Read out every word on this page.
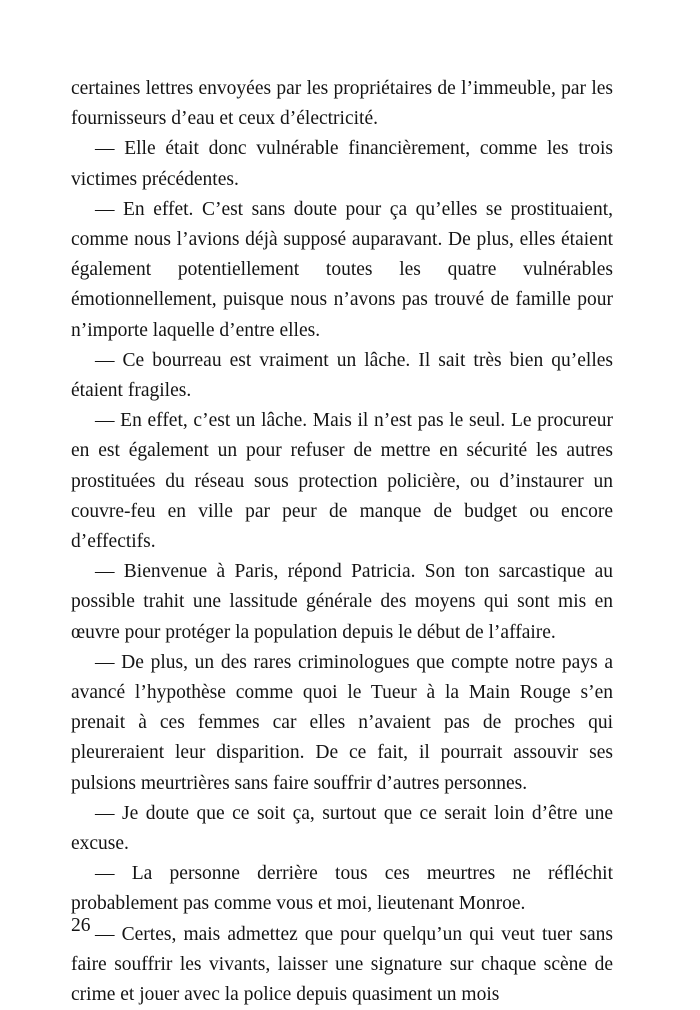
certaines lettres envoyées par les propriétaires de l’immeuble, par les fournisseurs d’eau et ceux d’électricité.

— Elle était donc vulnérable financièrement, comme les trois victimes précédentes.

— En effet. C’est sans doute pour ça qu’elles se prostituaient, comme nous l’avions déjà supposé auparavant. De plus, elles étaient également potentiellement toutes les quatre vulnérables émotionnellement, puisque nous n’avons pas trouvé de famille pour n’importe laquelle d’entre elles.

— Ce bourreau est vraiment un lâche. Il sait très bien qu’elles étaient fragiles.

— En effet, c’est un lâche. Mais il n’est pas le seul. Le procureur en est également un pour refuser de mettre en sécurité les autres prostituées du réseau sous protection policière, ou d’instaurer un couvre-feu en ville par peur de manque de budget ou encore d’effectifs.

— Bienvenue à Paris, répond Patricia. Son ton sarcastique au possible trahit une lassitude générale des moyens qui sont mis en œuvre pour protéger la population depuis le début de l’affaire.

— De plus, un des rares criminologues que compte notre pays a avancé l’hypothèse comme quoi le Tueur à la Main Rouge s’en prenait à ces femmes car elles n’avaient pas de proches qui pleureraient leur disparition. De ce fait, il pourrait assouvir ses pulsions meurtrières sans faire souffrir d’autres personnes.

— Je doute que ce soit ça, surtout que ce serait loin d’être une excuse.

— La personne derrière tous ces meurtres ne réfléchit probablement pas comme vous et moi, lieutenant Monroe.

— Certes, mais admettez que pour quelqu’un qui veut tuer sans faire souffrir les vivants, laisser une signature sur chaque scène de crime et jouer avec la police depuis quasiment un mois

26
